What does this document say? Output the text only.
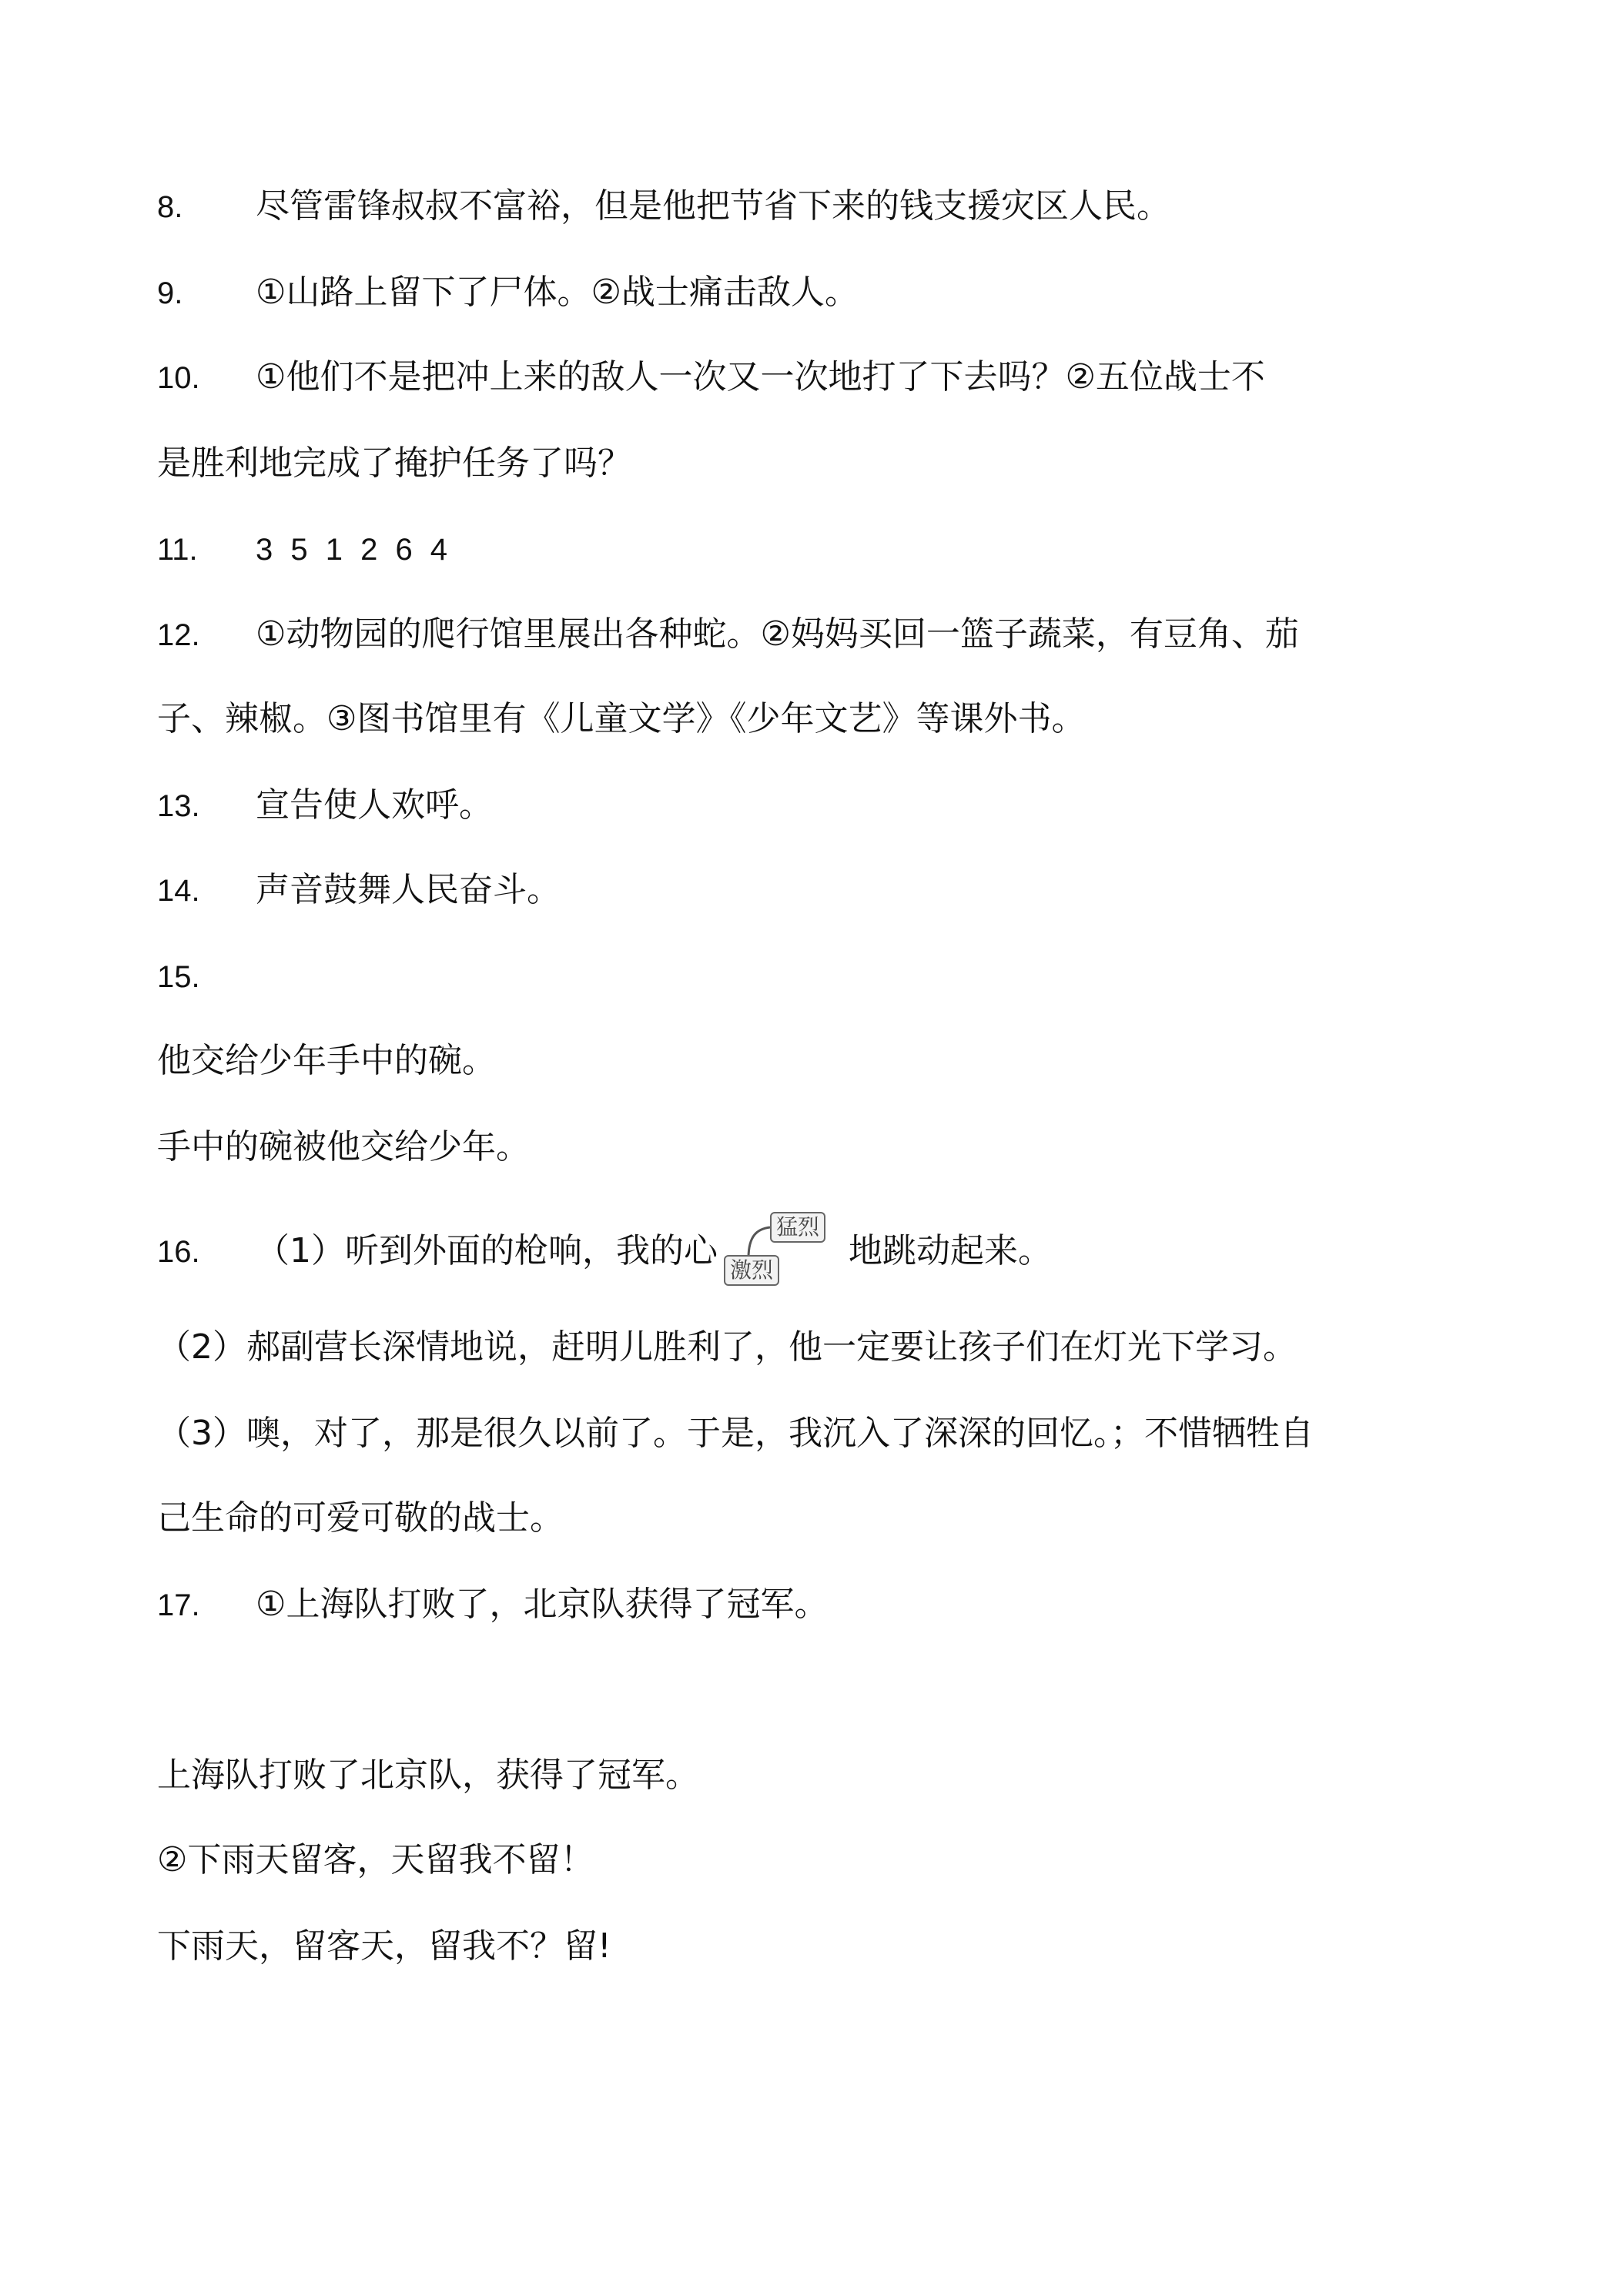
8. 尽管雷锋叔叔不富裕，但是他把节省下来的钱支援灾区人民。
9. ①山路上留下了尸体。②战士痛击敌人。
10.①他们不是把冲上来的敌人一次又一次地打了下去吗？②五位战士不
是胜利地完成了掩护任务了吗？
11.3 5 1 2 6 4
12. ①动物园的爬行馆里展出各种蛇。②妈妈买回一篮子蔬菜，有豆角、茄
子、辣椒。③图书馆里有《儿童文学》《少年文艺》等课外书。
13. 宣告使人欢呼。
14. 声音鼓舞人民奋斗。
15.
他交给少年手中的碗。
手中的碗被他交给少年。
16. （1）听到外面的枪响，我的心
猛烈
激烈 地跳动起来。
（2）郝副营长深情地说，赶明儿胜利了，他一定要让孩子们在灯光下学习。
（3）噢，对了，那是很久以前了。于是，我沉入了深深的回忆。；不惜牺牲自
己生命的可爱可敬的战士。
17.①上海队打败了，北京队获得了冠军。
上海队打败了北京队，获得了冠军。
②下雨天留客，天留我不留！
下雨天，留客天，留我不？留!
